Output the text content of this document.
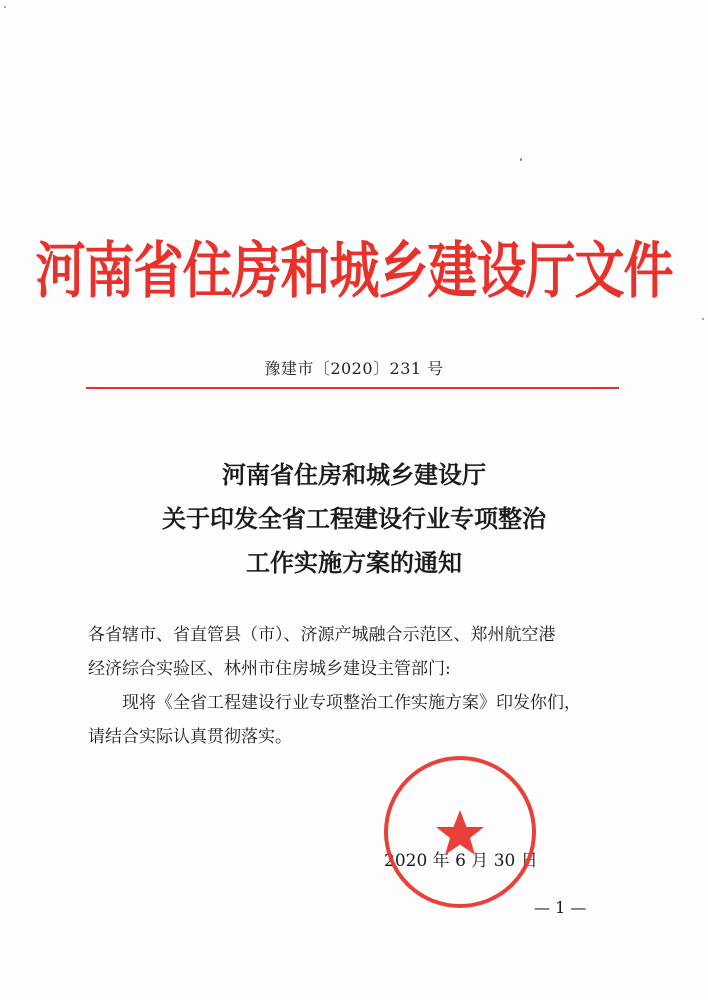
河南省住房和城乡建设厅文件
豫建市〔2020〕231 号
河南省住房和城乡建设厅
关于印发全省工程建设行业专项整治
工作实施方案的通知
各省辖市、省直管县（市）、济源产城融合示范区、郑州航空港
经济综合实验区、林州市住房城乡建设主管部门:
现将《全省工程建设行业专项整治工作实施方案》印发你们，
请结合实际认真贯彻落实。
2020 年 6 月 30 日
— 1 —
